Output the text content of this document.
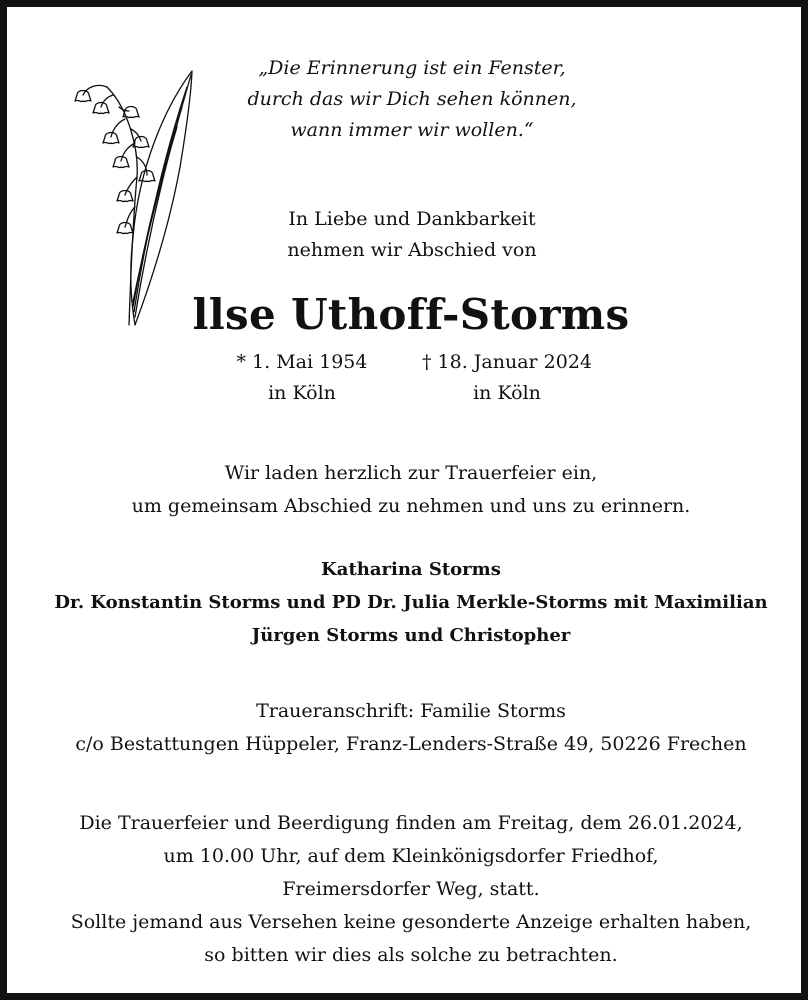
„Die Erinnerung ist ein Fenster,
durch das wir Dich sehen können,
wann immer wir wollen.“
In Liebe und Dankbarkeit
nehmen wir Abschied von
llse Uthoff-Storms
* 1. Mai 1954
in Köln
† 18. Januar 2024
in Köln
Wir laden herzlich zur Trauerfeier ein,
um gemeinsam Abschied zu nehmen und uns zu erinnern.
Katharina Storms
Dr. Konstantin Storms und PD Dr. Julia Merkle-Storms mit Maximilian
Jürgen Storms und Christopher
Traueranschrift: Familie Storms
c/o Bestattungen Hüppeler, Franz-Lenders-Straße 49, 50226 Frechen
Die Trauerfeier und Beerdigung finden am Freitag, dem 26.01.2024,
um 10.00 Uhr, auf dem Kleinkönigsdorfer Friedhof,
Freimersdorfer Weg, statt.
Sollte jemand aus Versehen keine gesonderte Anzeige erhalten haben,
so bitten wir dies als solche zu betrachten.
